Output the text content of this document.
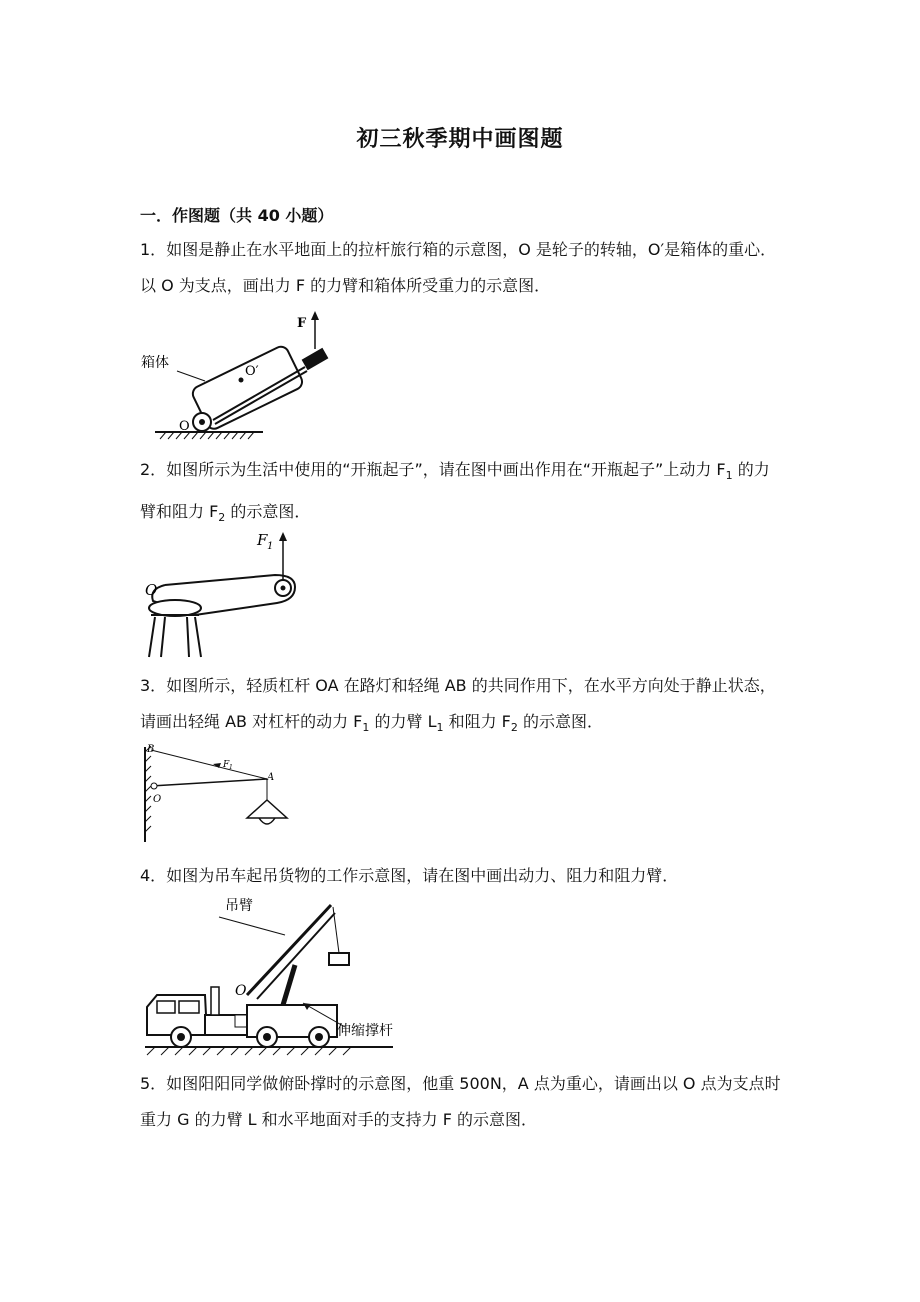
初三秋季期中画图题
一．作图题（共 40 小题）
1．如图是静止在水平地面上的拉杆旅行箱的示意图，O 是轮子的转轴，O′是箱体的重心．以 O 为支点，画出力 F 的力臂和箱体所受重力的示意图．
F
O′
O
箱体
2．如图所示为生活中使用的“开瓶起子”，请在图中画出作用在“开瓶起子”上动力 $F_1$ 的力臂和阻力 $F_2$ 的示意图．
F 1
O
3．如图所示，轻质杠杆 OA 在路灯和轻绳 AB 的共同作用下，在水平方向处于静止状态，请画出轻绳 AB 对杠杆的动力 $F_1$ 的力臂 $L_1$ 和阻力 $F_2$ 的示意图．
B
A
O
F 1
4．如图为吊车起吊货物的工作示意图，请在图中画出动力、阻力和阻力臂．
吊臂
O
伸缩撑杆
5．如图阳阳同学做俯卧撑时的示意图，他重 500N，A 点为重心，请画出以 O 点为支点时重力 G 的力臂 L 和水平地面对手的支持力 F 的示意图．
